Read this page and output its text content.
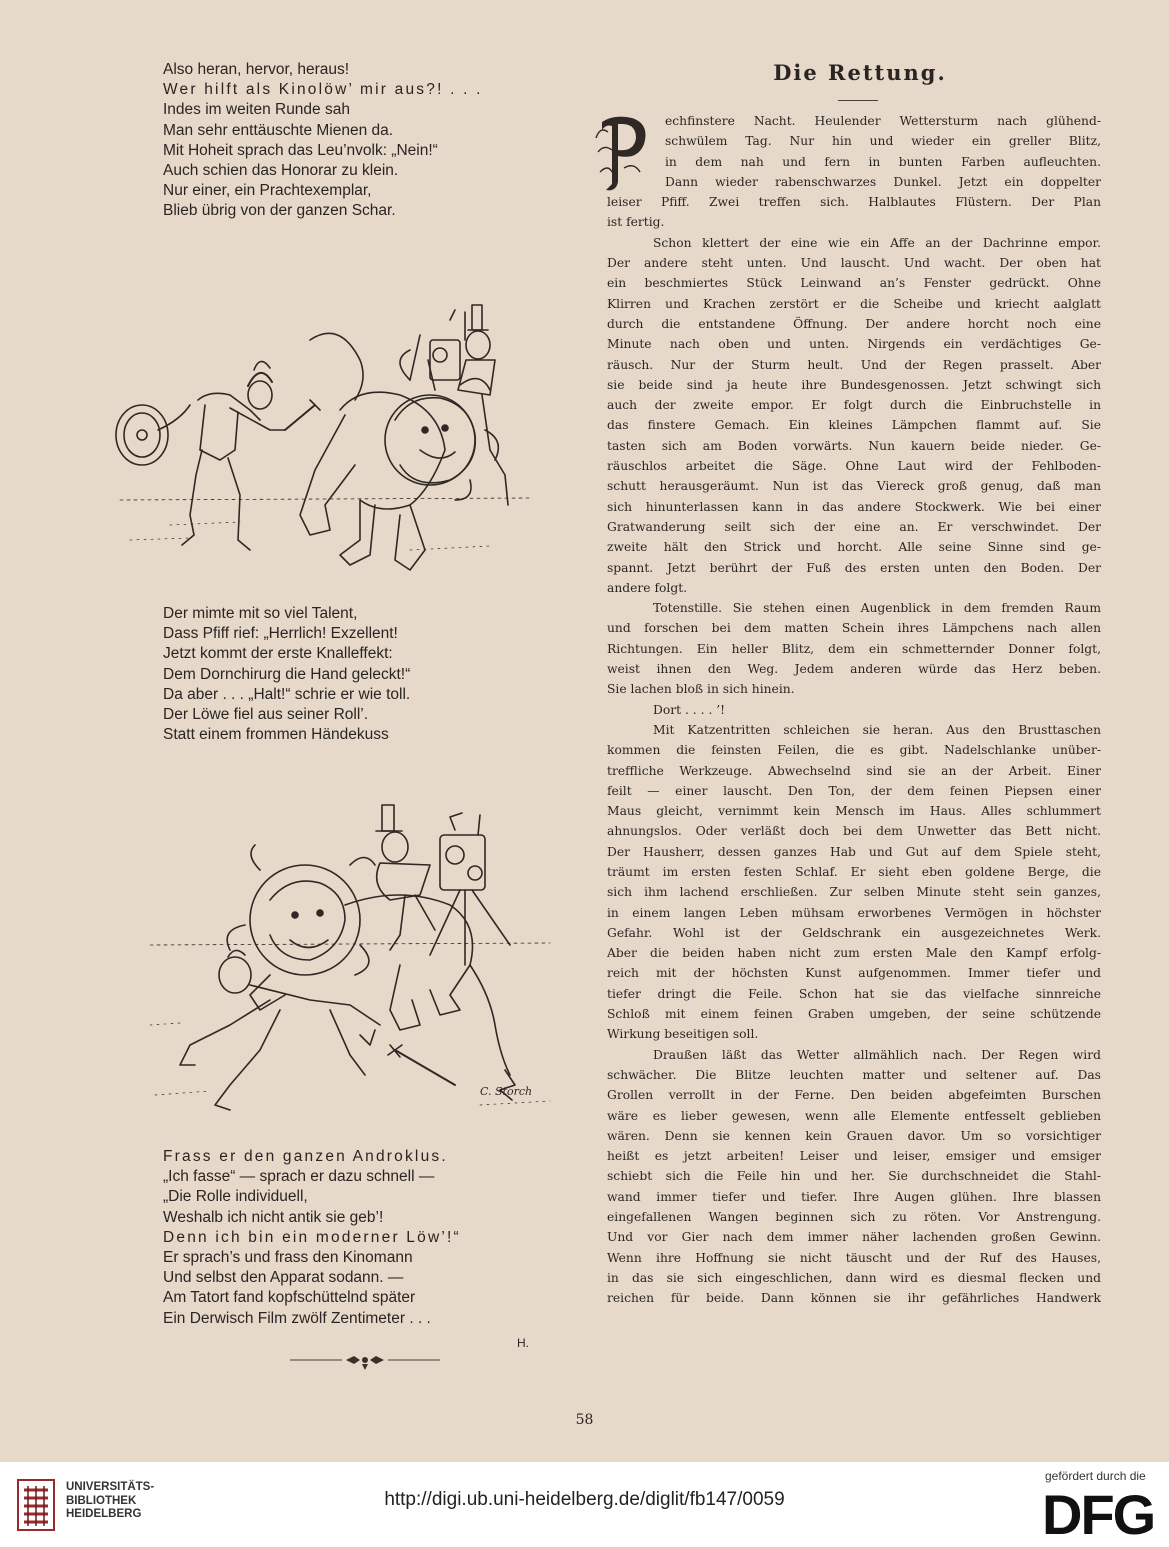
Also heran, hervor, heraus!
Wer hilft als Kinolöw’ mir aus?! . . .
Indes im weiten Runde sah
Man sehr enttäuschte Mienen da.
Mit Hoheit sprach das Leu’nvolk: „Nein!“
Auch schien das Honorar zu klein.
Nur einer, ein Prachtexemplar,
Blieb übrig von der ganzen Schar.
Der mimte mit so viel Talent,
Dass Pfiff rief: „Herrlich! Exzellent!
Jetzt kommt der erste Knalleffekt:
Dem Dornchirurg die Hand geleckt!“
Da aber . . . „Halt!“ schrie er wie toll.
Der Löwe fiel aus seiner Roll’.
Statt einem frommen Händekuss
Frass er den ganzen Androklus.
„Ich fasse“ — sprach er dazu schnell —
„Die Rolle individuell,
Weshalb ich nicht antik sie geb’!
Denn ich bin ein moderner Löw’!“
Er sprach’s und frass den Kinomann
Und selbst den Apparat sodann. —
Am Tatort fand kopfschüttelnd später
Ein Derwisch Film zwölf Zentimeter . . .
H.
C. Storch
Die Rettung.
echfinstere Nacht. Heulender Wettersturm nach glühend-
schwülem Tag. Nur hin und wieder ein greller Blitz,
in dem nah und fern in bunten Farben aufleuchten.
Dann wieder rabenschwarzes Dunkel. Jetzt ein doppelter
leiser Pfiff. Zwei treffen sich. Halblautes Flüstern. Der Plan
ist fertig.
Schon klettert der eine wie ein Affe an der Dachrinne empor.
Der andere steht unten. Und lauscht. Und wacht. Der oben hat
ein beschmiertes Stück Leinwand an’s Fenster gedrückt. Ohne
Klirren und Krachen zerstört er die Scheibe und kriecht aalglatt
durch die entstandene Öffnung. Der andere horcht noch eine
Minute nach oben und unten. Nirgends ein verdächtiges Ge-
räusch. Nur der Sturm heult. Und der Regen prasselt. Aber
sie beide sind ja heute ihre Bundesgenossen. Jetzt schwingt sich
auch der zweite empor. Er folgt durch die Einbruchstelle in
das finstere Gemach. Ein kleines Lämpchen flammt auf. Sie
tasten sich am Boden vorwärts. Nun kauern beide nieder. Ge-
räuschlos arbeitet die Säge. Ohne Laut wird der Fehlboden-
schutt herausgeräumt. Nun ist das Viereck groß genug, daß man
sich hinunterlassen kann in das andere Stockwerk. Wie bei einer
Gratwanderung seilt sich der eine an. Er verschwindet. Der
zweite hält den Strick und horcht. Alle seine Sinne sind ge-
spannt. Jetzt berührt der Fuß des ersten unten den Boden. Der
andere folgt.
Totenstille. Sie stehen einen Augenblick in dem fremden Raum
und forschen bei dem matten Schein ihres Lämpchens nach allen
Richtungen. Ein heller Blitz, dem ein schmetternder Donner folgt,
weist ihnen den Weg. Jedem anderen würde das Herz beben.
Sie lachen bloß in sich hinein.
Dort . . . . ’!
Mit Katzentritten schleichen sie heran. Aus den Brusttaschen
kommen die feinsten Feilen, die es gibt. Nadelschlanke unüber-
treffliche Werkzeuge. Abwechselnd sind sie an der Arbeit. Einer
feilt — einer lauscht. Den Ton, der dem feinen Piepsen einer
Maus gleicht, vernimmt kein Mensch im Haus. Alles schlummert
ahnungslos. Oder verläßt doch bei dem Unwetter das Bett nicht.
Der Hausherr, dessen ganzes Hab und Gut auf dem Spiele steht,
träumt im ersten festen Schlaf. Er sieht eben goldene Berge, die
sich ihm lachend erschließen. Zur selben Minute steht sein ganzes,
in einem langen Leben mühsam erworbenes Vermögen in höchster
Gefahr. Wohl ist der Geldschrank ein ausgezeichnetes Werk.
Aber die beiden haben nicht zum ersten Male den Kampf erfolg-
reich mit der höchsten Kunst aufgenommen. Immer tiefer und
tiefer dringt die Feile. Schon hat sie das vielfache sinnreiche
Schloß mit einem feinen Graben umgeben, der seine schützende
Wirkung beseitigen soll.
Draußen läßt das Wetter allmählich nach. Der Regen wird
schwächer. Die Blitze leuchten matter und seltener auf. Das
Grollen verrollt in der Ferne. Den beiden abgefeimten Burschen
wäre es lieber gewesen, wenn alle Elemente entfesselt geblieben
wären. Denn sie kennen kein Grauen davor. Um so vorsichtiger
heißt es jetzt arbeiten! Leiser und leiser, emsiger und emsiger
schiebt sich die Feile hin und her. Sie durchschneidet die Stahl-
wand immer tiefer und tiefer. Ihre Augen glühen. Ihre blassen
eingefallenen Wangen beginnen sich zu röten. Vor Anstrengung.
Und vor Gier nach dem immer näher lachenden großen Gewinn.
Wenn ihre Hoffnung sie nicht täuscht und der Ruf des Hauses,
in das sie sich eingeschlichen, dann wird es diesmal flecken und
reichen für beide. Dann können sie ihr gefährliches Handwerk
58
UNIVERSITÄTS-
BIBLIOTHEK
HEIDELBERG
http://digi.ub.uni-heidelberg.de/diglit/fb147/0059
gefördert durch die
DFG
